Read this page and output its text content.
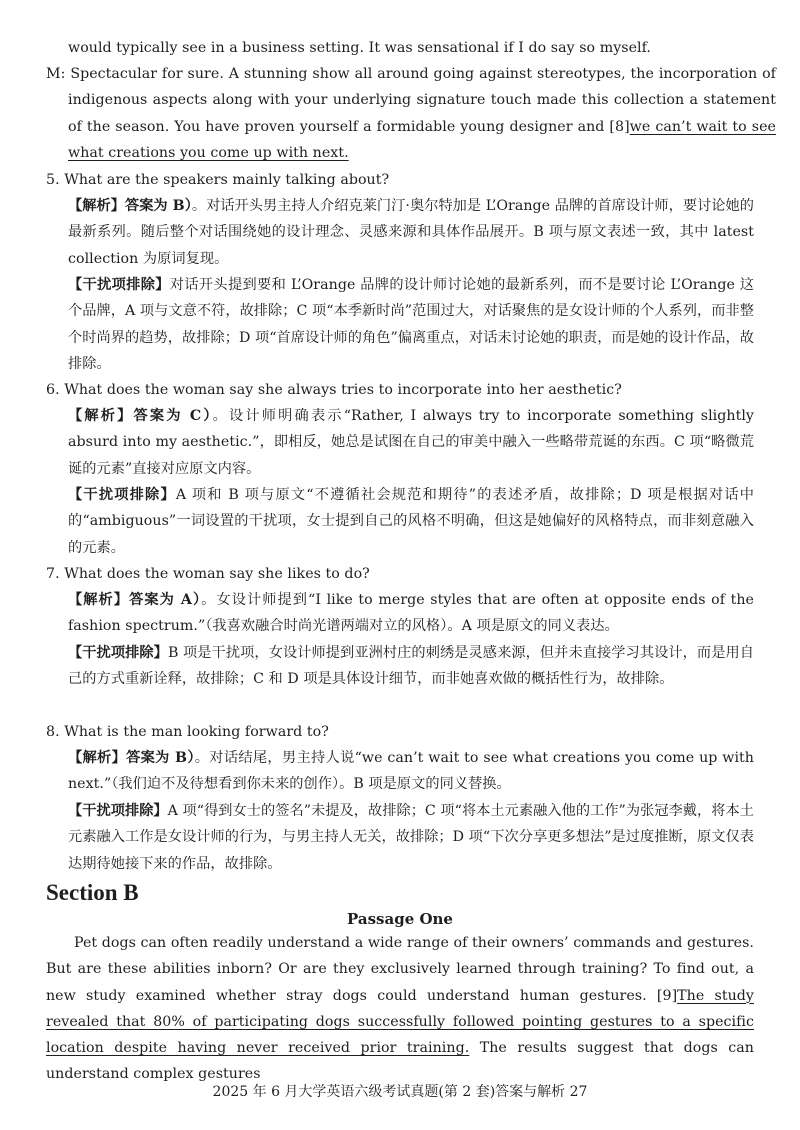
would typically see in a business setting. It was sensational if I do say so myself.

M: Spectacular for sure. A stunning show all around going against stereotypes, the incorporation of indigenous aspects along with your underlying signature touch made this collection a statement of the season. You have proven yourself a formidable young designer and [8]we can’t wait to see what creations you come up with next.

5. What are the speakers mainly talking about?

【解析】答案为 B）。对话开头男主持人介绍克莱门汀·奥尔特加是 L’Orange 品牌的首席设计师，要讨论她的最新系列。随后整个对话围绕她的设计理念、灵感来源和具体作品展开。B 项与原文表述一致，其中 latest collection 为原词复现。

【干扰项排除】对话开头提到要和 L’Orange 品牌的设计师讨论她的最新系列，而不是要讨论 L’Orange 这个品牌，A 项与文意不符，故排除；C 项“本季新时尚”范围过大，对话聚焦的是女设计师的个人系列，而非整个时尚界的趋势，故排除；D 项“首席设计师的角色”偏离重点，对话未讨论她的职责，而是她的设计作品，故排除。

6. What does the woman say she always tries to incorporate into her aesthetic?

【解析】答案为 C）。设计师明确表示“Rather, I always try to incorporate something slightly absurd into my aesthetic.”，即相反，她总是试图在自己的审美中融入一些略带荒诞的东西。C 项“略微荒诞的元素”直接对应原文内容。

【干扰项排除】A 项和 B 项与原文“不遵循社会规范和期待”的表述矛盾，故排除；D 项是根据对话中的“ambiguous”一词设置的干扰项，女士提到自己的风格不明确，但这是她偏好的风格特点，而非刻意融入的元素。

7. What does the woman say she likes to do?

【解析】答案为 A）。女设计师提到“I like to merge styles that are often at opposite ends of the fashion spectrum.”（我喜欢融合时尚光谱两端对立的风格）。A 项是原文的同义表达。

【干扰项排除】B 项是干扰项，女设计师提到亚洲村庄的刺绣是灵感来源，但并未直接学习其设计，而是用自己的方式重新诠释，故排除；C 和 D 项是具体设计细节，而非她喜欢做的概括性行为，故排除。

8. What is the man looking forward to?

【解析】答案为 B）。对话结尾，男主持人说“we can’t wait to see what creations you come up with next.”（我们迫不及待想看到你未来的创作）。B 项是原文的同义替换。

【干扰项排除】A 项“得到女士的签名”未提及，故排除；C 项“将本土元素融入他的工作”为张冠李戴，将本土元素融入工作是女设计师的行为，与男主持人无关，故排除；D 项“下次分享更多想法”是过度推断，原文仅表达期待她接下来的作品，故排除。

Section B
Passage One

Pet dogs can often readily understand a wide range of their owners’ commands and gestures. But are these abilities inborn? Or are they exclusively learned through training? To find out, a new study examined whether stray dogs could understand human gestures. [9]The study revealed that 80% of participating dogs successfully followed pointing gestures to a specific location despite having never received prior training. The results suggest that dogs can understand complex gestures

2025 年 6 月大学英语六级考试真题(第 2 套)答案与解析 27
